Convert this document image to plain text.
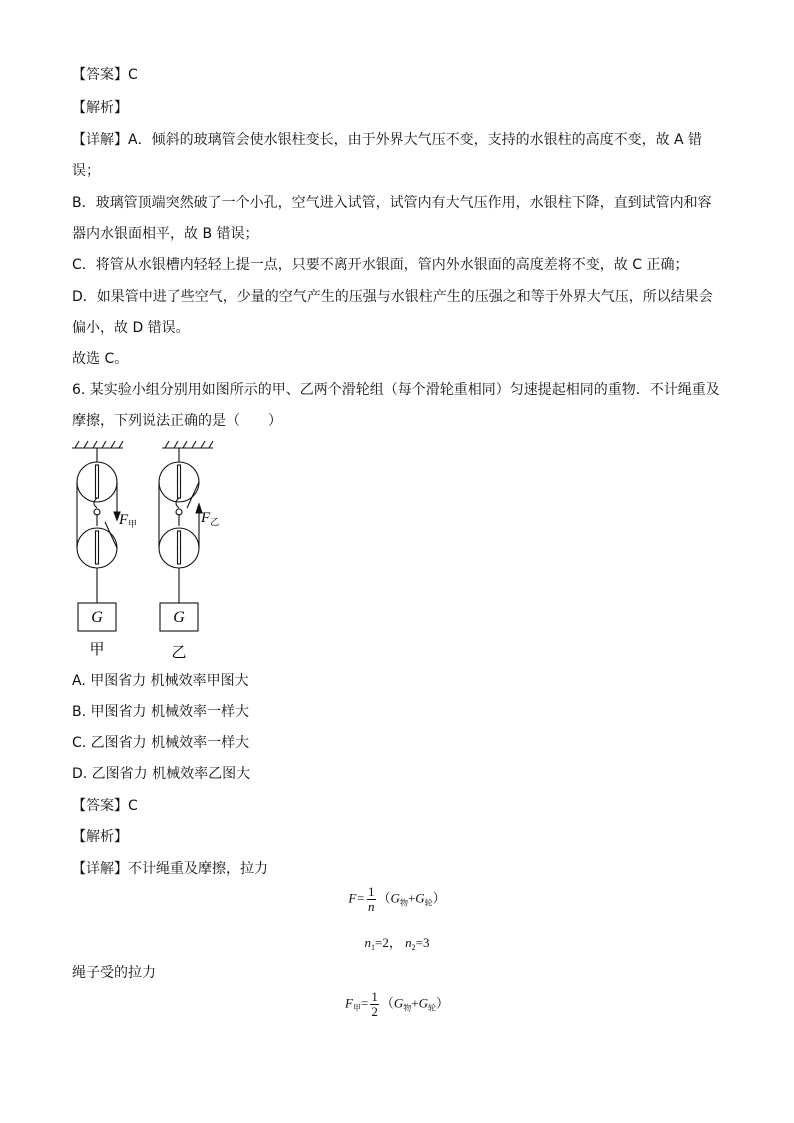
【答案】C
【解析】
【详解】A．倾斜的玻璃管会使水银柱变长，由于外界大气压不变，支持的水银柱的高度不变，故 A 错
误；
B．玻璃管顶端突然破了一个小孔，空气进入试管，试管内有大气压作用，水银柱下降，直到试管内和容
器内水银面相平，故 B 错误；
C．将管从水银槽内轻轻上提一点，只要不离开水银面，管内外水银面的高度差将不变，故 C 正确；
D．如果管中进了些空气，少量的空气产生的压强与水银柱产生的压强之和等于外界大气压，所以结果会
偏小，故 D 错误。
故选 C。
6. 某实验小组分别用如图所示的甲、乙两个滑轮组（每个滑轮重相同）匀速提起相同的重物．不计绳重及
摩擦，下列说法正确的是（　　）
$F_甲$	$F_乙$
G	G
甲	乙
A. 甲图省力 机械效率甲图大
B. 甲图省力 机械效率一样大
C. 乙图省力 机械效率一样大
D. 乙图省力 机械效率乙图大
【答案】C
【解析】
【详解】不计绳重及摩擦，拉力
$F= \frac{1}{n} (G_物+G_轮)$
$n_1=2$， $n_2=3$
绳子受的拉力
$F_甲= \frac{1}{2} (G_物+G_轮)$
